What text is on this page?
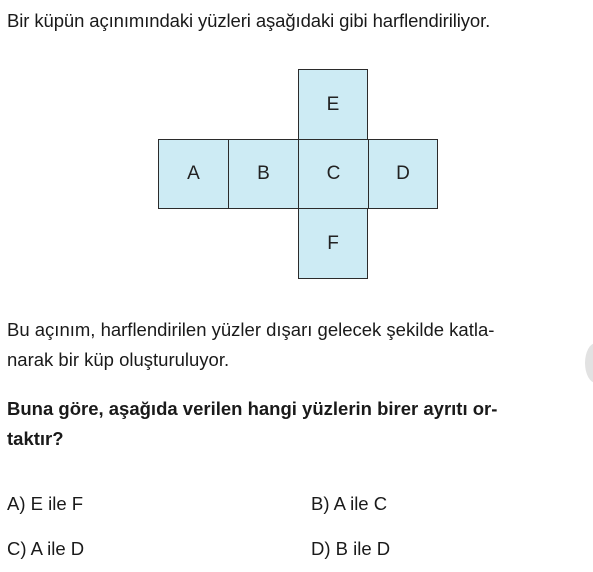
Bir küpün açınımındaki yüzleri aşağıdaki gibi harflendiriliyor.
E
A	B	C	D
F
Bu açınım, harflendirilen yüzler dışarı gelecek şekilde katla-
narak bir küp oluşturuluyor.
Buna göre, aşağıda verilen hangi yüzlerin birer ayrıtı or-
taktır?
A) E ile F	B) A ile C
C) A ile D	D) B ile D
